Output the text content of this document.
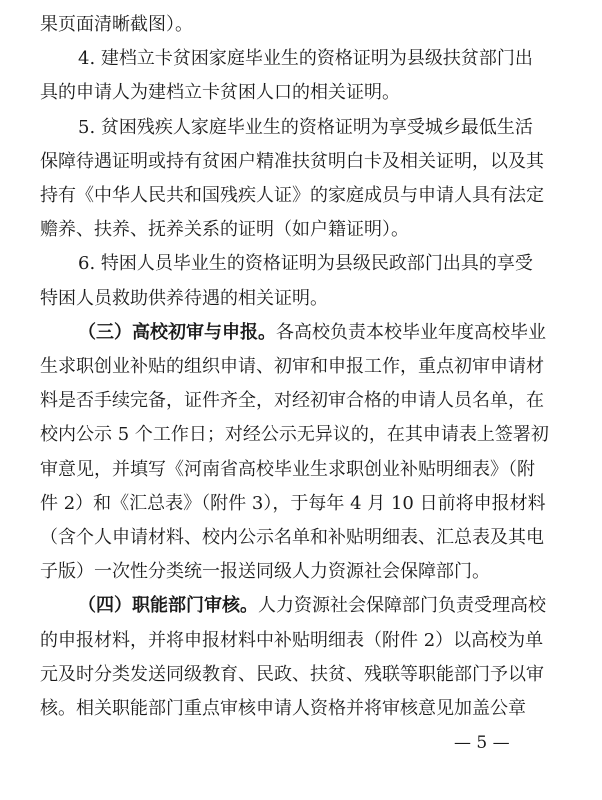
果页面清晰截图）。
4. 建档立卡贫困家庭毕业生的资格证明为县级扶贫部门出
具的申请人为建档立卡贫困人口的相关证明。
5. 贫困残疾人家庭毕业生的资格证明为享受城乡最低生活
保障待遇证明或持有贫困户精准扶贫明白卡及相关证明，以及其
持有《中华人民共和国残疾人证》的家庭成员与申请人具有法定
赡养、扶养、抚养关系的证明（如户籍证明）。
6. 特困人员毕业生的资格证明为县级民政部门出具的享受
特困人员救助供养待遇的相关证明。
（三）高校初审与申报。各高校负责本校毕业年度高校毕业
生求职创业补贴的组织申请、初审和申报工作，重点初审申请材
料是否手续完备，证件齐全，对经初审合格的申请人员名单，在
校内公示 5 个工作日；对经公示无异议的，在其申请表上签署初
审意见，并填写《河南省高校毕业生求职创业补贴明细表》（附
件 2）和《汇总表》（附件 3），于每年 4 月 10 日前将申报材料
（含个人申请材料、校内公示名单和补贴明细表、汇总表及其电
子版）一次性分类统一报送同级人力资源社会保障部门。
（四）职能部门审核。人力资源社会保障部门负责受理高校
的申报材料，并将申报材料中补贴明细表（附件 2）以高校为单
元及时分类发送同级教育、民政、扶贫、残联等职能部门予以审
核。相关职能部门重点审核申请人资格并将审核意见加盖公章
— 5 —
